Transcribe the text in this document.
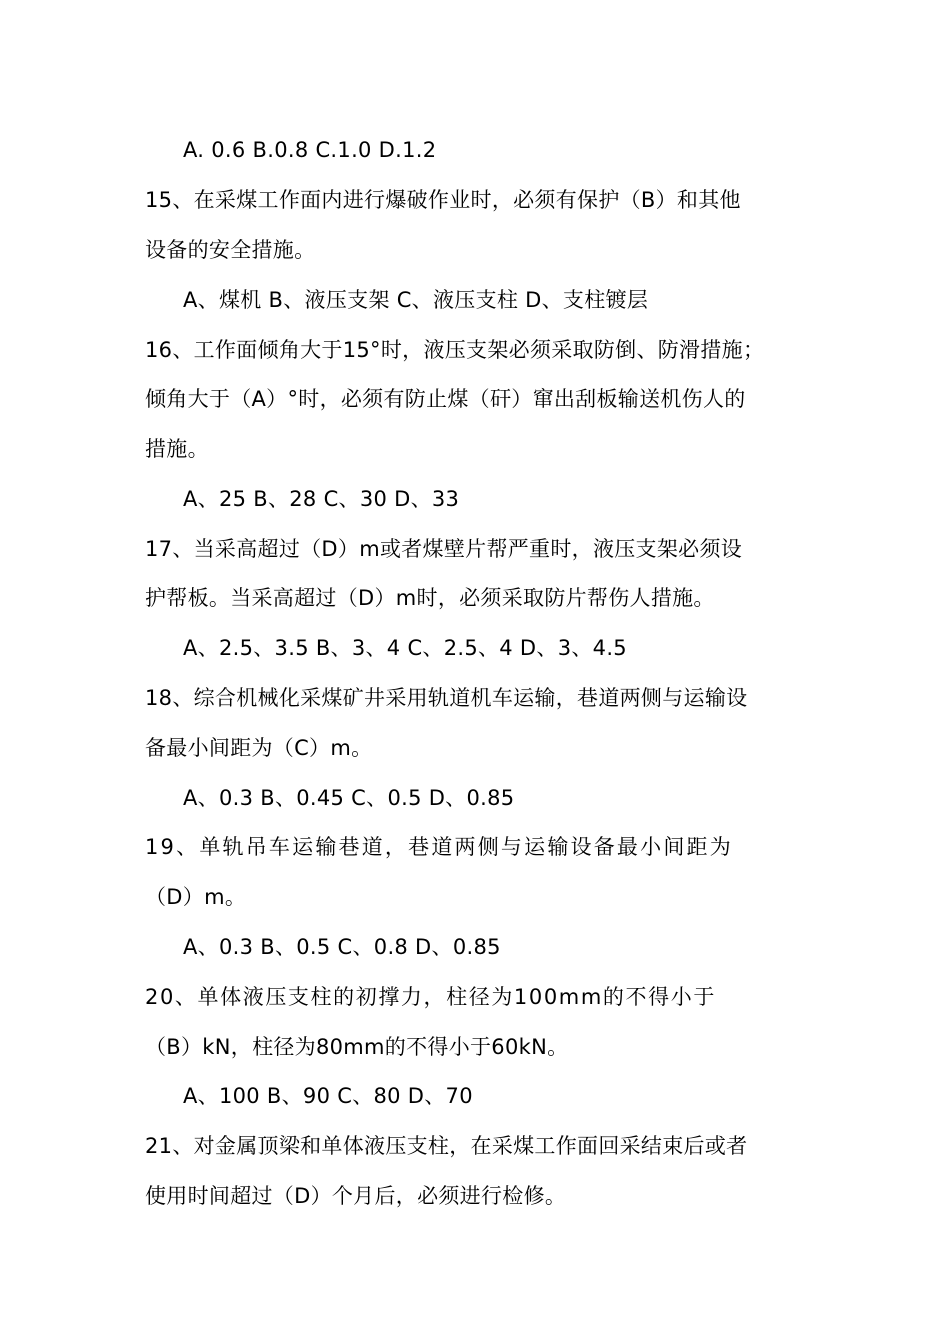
A. 0.6 B.0.8 C.1.0 D.1.2
15、在采煤工作面内进行爆破作业时，必须有保护（B）和其他
设备的安全措施。
A、煤机 B、液压支架 C、液压支柱 D、支柱镀层
16、工作面倾角大于15°时，液压支架必须采取防倒、防滑措施；
倾角大于（A）°时，必须有防止煤（矸）窜出刮板输送机伤人的
措施。
A、25 B、28 C、30 D、33
17、当采高超过（D）m或者煤壁片帮严重时，液压支架必须设
护帮板。当采高超过（D）m时，必须采取防片帮伤人措施。
A、2.5、3.5 B、3、4 C、2.5、4 D、3、4.5
18、综合机械化采煤矿井采用轨道机车运输，巷道两侧与运输设
备最小间距为（C）m。
A、0.3 B、0.45 C、0.5 D、0.85
19、单轨吊车运输巷道，巷道两侧与运输设备最小间距为
（D）m。
A、0.3 B、0.5 C、0.8 D、0.85
20、单体液压支柱的初撑力，柱径为100mm的不得小于
（B）kN，柱径为80mm的不得小于60kN。
A、100 B、90 C、80 D、70
21、对金属顶梁和单体液压支柱，在采煤工作面回采结束后或者
使用时间超过（D）个月后，必须进行检修。
